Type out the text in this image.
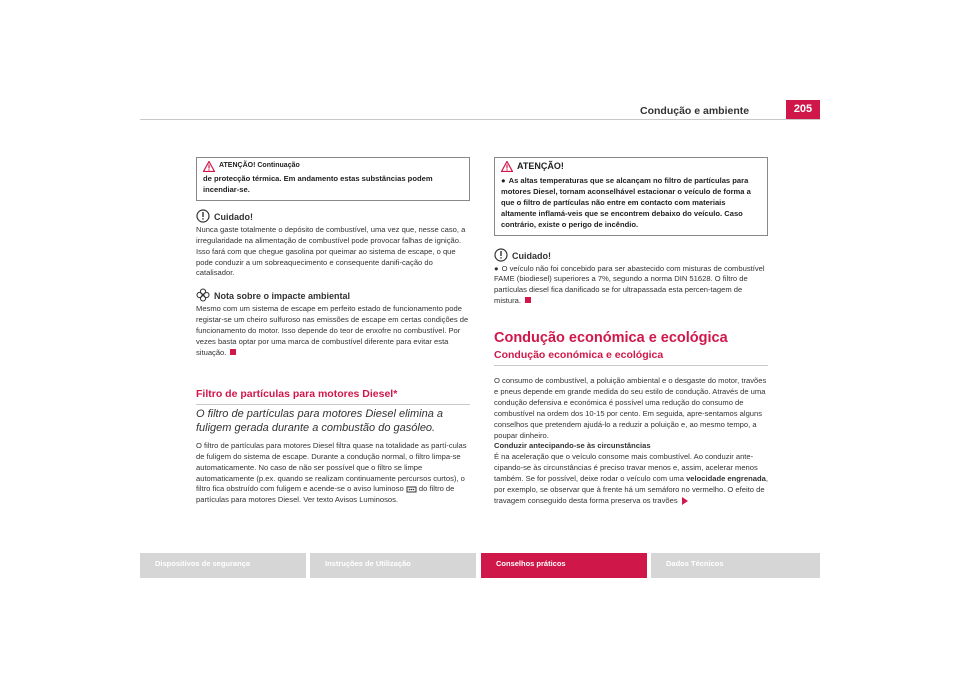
Condução e ambiente	205
ATENÇÃO! Continuação

de protecção térmica. Em andamento estas substâncias podem incendiar-se.

Cuidado!

Nunca gaste totalmente o depósito de combustível, uma vez que, nesse caso, a irregularidade na alimentação de combustível pode provocar falhas de ignição. Isso fará com que chegue gasolina por queimar ao sistema de escape, o que pode conduzir a um sobreaquecimento e consequente danifi-cação do catalisador.

Nota sobre o impacte ambiental

Mesmo com um sistema de escape em perfeito estado de funcionamento pode registar-se um cheiro sulfuroso nas emissões de escape em certas condições de funcionamento do motor. Isso depende do teor de enxofre no combustível. Por vezes basta optar por uma marca de combustível diferente para evitar esta situação.

Filtro de partículas para motores Diesel*
O filtro de partículas para motores Diesel elimina a fuligem gerada durante a combustão do gasóleo.

O filtro de partículas para motores Diesel filtra quase na totalidade as partí-culas de fuligem do sistema de escape. Durante a condução normal, o filtro limpa-se automaticamente. No caso de não ser possível que o filtro se limpe automaticamente (p.ex. quando se realizam continuamente percursos curtos), o filtro fica obstruído com fuligem e acende-se o aviso luminoso do filtro de partículas para motores Diesel. Ver texto Avisos Luminosos.

ATENÇÃO!

● As altas temperaturas que se alcançam no filtro de partículas para motores Diesel, tornam aconselhável estacionar o veículo de forma a que o filtro de partículas não entre em contacto com materiais altamente inflamá-veis que se encontrem debaixo do veículo. Caso contrário, existe o perigo de incêndio.

Cuidado!

● O veículo não foi concebido para ser abastecido com misturas de combustível FAME (biodiesel) superiores a 7%, segundo a norma DIN 51628. O filtro de partículas diesel fica danificado se for ultrapassada esta percen-tagem de mistura.

Condução económica e ecológica
Condução económica e ecológica

O consumo de combustível, a poluição ambiental e o desgaste do motor, travões e pneus depende em grande medida do seu estilo de condução. Através de uma condução defensiva e económica é possível uma redução do consumo de combustível na ordem dos 10-15 por cento. Em seguida, apre-sentamos alguns conselhos que pretendem ajudá-lo a reduzir a poluição e, ao mesmo tempo, a poupar dinheiro.

Conduzir antecipando-se às circunstâncias

É na aceleração que o veículo consome mais combustível. Ao conduzir ante-cipando-se às circunstâncias é preciso travar menos e, assim, acelerar menos também. Se for possível, deixe rodar o veículo com uma velocidade engrenada, por exemplo, se observar que à frente há um semáforo no vermelho. O efeito de travagem conseguido desta forma preserva os travões

Dispositivos de segurança	Instruções de Utilização	Conselhos práticos	Dados Técnicos
